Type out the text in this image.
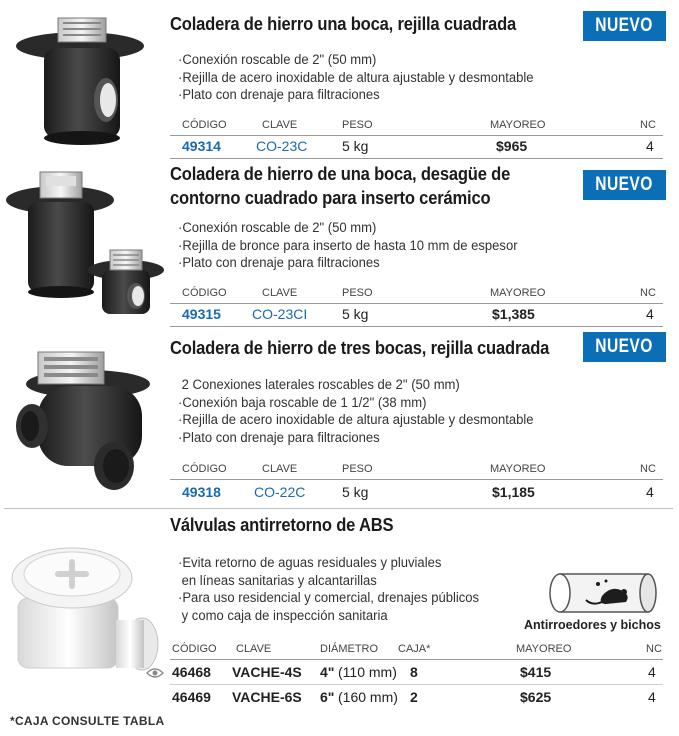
Coladera de hierro una boca, rejilla cuadrada	NUEVO
·Conexión roscable de 2" (50 mm)
·Rejilla de acero inoxidable de altura ajustable y desmontable
·Plato con drenaje para filtraciones
CÓDIGO	CLAVE	PESO	MAYOREO	NC
49314	CO-23C 5 kg	$965	4
Coladera de hierro de una boca, desagüe de
contorno cuadrado para inserto cerámico
NUEVO
·Conexión roscable de 2" (50 mm)
·Rejilla de bronce para inserto de hasta 10 mm de espesor
·Plato con drenaje para filtraciones
CÓDIGO	CLAVE	PESO	MAYOREO	NC
49315 CO-23CI 5 kg	$1,385	4
Coladera de hierro de tres bocas, rejilla cuadrada	NUEVO
2 Conexiones laterales roscables de 2" (50 mm)
·Conexión baja roscable de 1 1/2" (38 mm)
·Rejilla de acero inoxidable de altura ajustable y desmontable
·Plato con drenaje para filtraciones
CÓDIGO	CLAVE	PESO	MAYOREO	NC
49318 CO-22C	5 kg	$1,185	4
Válvulas antirretorno de ABS
·Evita retorno de aguas residuales y pluviales
en líneas sanitarias y alcantarillas
·Para uso residencial y comercial, drenajes públicos
y como caja de inspección sanitaria
Antirroedores y bichos
CÓDIGO CLAVE	DIÁMETRO CAJA*	MAYOREO	NC
46468 VACHE-4S 4" (110 mm) 8	$415	4
46469 VACHE-6S 6" (160 mm) 2	$625	4
*CAJA CONSULTE TABLA
